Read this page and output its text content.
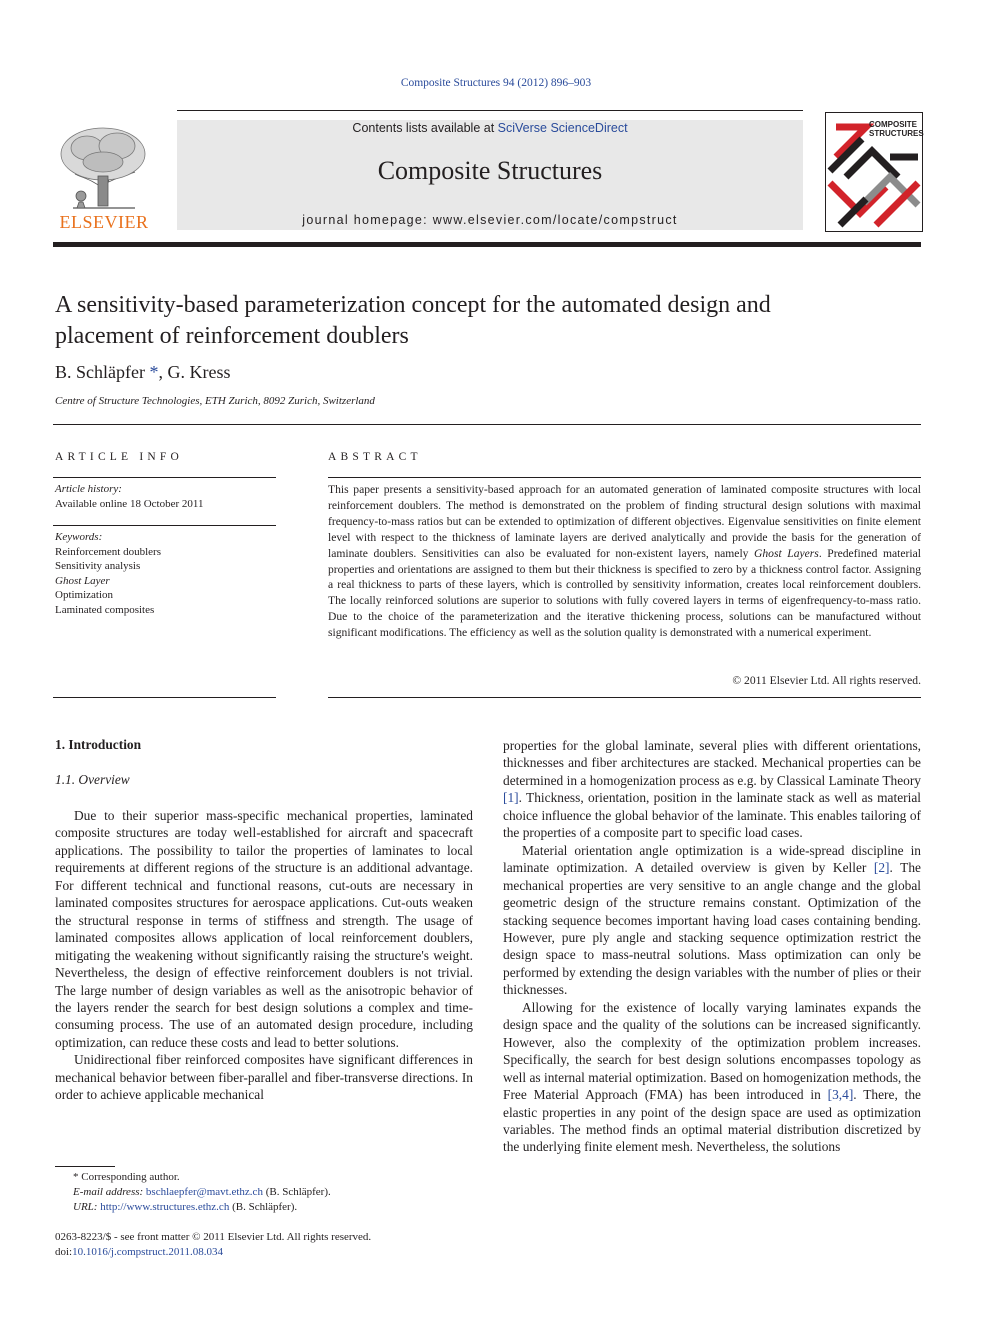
Composite Structures 94 (2012) 896–903
ELSEVIER
Contents lists available at SciVerse ScienceDirect
Composite Structures
journal homepage: www.elsevier.com/locate/compstruct
COMPOSITE
STRUCTURES
A sensitivity-based parameterization concept for the automated design and placement of reinforcement doublers
B. Schläpfer *, G. Kress
Centre of Structure Technologies, ETH Zurich, 8092 Zurich, Switzerland
ARTICLE INFO
Article history:
Available online 18 October 2011
Keywords:
Reinforcement doublers
Sensitivity analysis
Ghost Layer
Optimization
Laminated composites
ABSTRACT
This paper presents a sensitivity-based approach for an automated generation of laminated composite structures with local reinforcement doublers. The method is demonstrated on the problem of finding structural design solutions with maximal frequency-to-mass ratios but can be extended to optimization of different objectives. Eigenvalue sensitivities on finite element level with respect to the thickness of laminate layers are derived analytically and provide the basis for the generation of laminate doublers. Sensitivities can also be evaluated for non-existent layers, namely Ghost Layers. Predefined material properties and orientations are assigned to them but their thickness is specified to zero by a thickness control factor. Assigning a real thickness to parts of these layers, which is controlled by sensitivity information, creates local reinforcement doublers. The locally reinforced solutions are superior to solutions with fully covered layers in terms of eigenfrequency-to-mass ratio. Due to the choice of the parameterization and the iterative thickening process, solutions can be manufactured without significant modifications. The efficiency as well as the solution quality is demonstrated with a numerical experiment.
© 2011 Elsevier Ltd. All rights reserved.
1. Introduction
1.1. Overview

Due to their superior mass-specific mechanical properties, laminated composite structures are today well-established for aircraft and spacecraft applications. The possibility to tailor the properties of laminates to local requirements at different regions of the structure is an additional advantage. For different technical and functional reasons, cut-outs are necessary in laminated composites structures for aerospace applications. Cut-outs weaken the structural response in terms of stiffness and strength. The usage of laminated composites allows application of local reinforcement doublers, mitigating the weakening without significantly raising the structure's weight. Nevertheless, the design of effective reinforcement doublers is not trivial. The large number of design variables as well as the anisotropic behavior of the layers render the search for best design solutions a complex and time-consuming process. The use of an automated design procedure, including optimization, can reduce these costs and lead to better solutions.

Unidirectional fiber reinforced composites have significant differences in mechanical behavior between fiber-parallel and fiber-transverse directions. In order to achieve applicable mechanical

properties for the global laminate, several plies with different orientations, thicknesses and fiber architectures are stacked. Mechanical properties can be determined in a homogenization process as e.g. by Classical Laminate Theory [1]. Thickness, orientation, position in the laminate stack as well as material choice influence the global behavior of the laminate. This enables tailoring of the properties of a composite part to specific load cases.

Material orientation angle optimization is a wide-spread discipline in laminate optimization. A detailed overview is given by Keller [2]. The mechanical properties are very sensitive to an angle change and the global geometric design of the structure remains constant. Optimization of the stacking sequence becomes important having load cases containing bending. However, pure ply angle and stacking sequence optimization restrict the design space to mass-neutral solutions. Mass optimization can only be performed by extending the design variables with the number of plies or their thicknesses.

Allowing for the existence of locally varying laminates expands the design space and the quality of the solutions can be increased significantly. However, also the complexity of the optimization problem increases. Specifically, the search for best design solutions encompasses topology as well as internal material optimization. Based on homogenization methods, the Free Material Approach (FMA) has been introduced in [3,4]. There, the elastic properties in any point of the design space are used as optimization variables. The method finds an optimal material distribution discretized by the underlying finite element mesh. Nevertheless, the solutions

* Corresponding author.
E-mail address: bschlaepfer@mavt.ethz.ch (B. Schläpfer).
URL: http://www.structures.ethz.ch (B. Schläpfer).
0263-8223/$ - see front matter © 2011 Elsevier Ltd. All rights reserved.
doi:10.1016/j.compstruct.2011.08.034
